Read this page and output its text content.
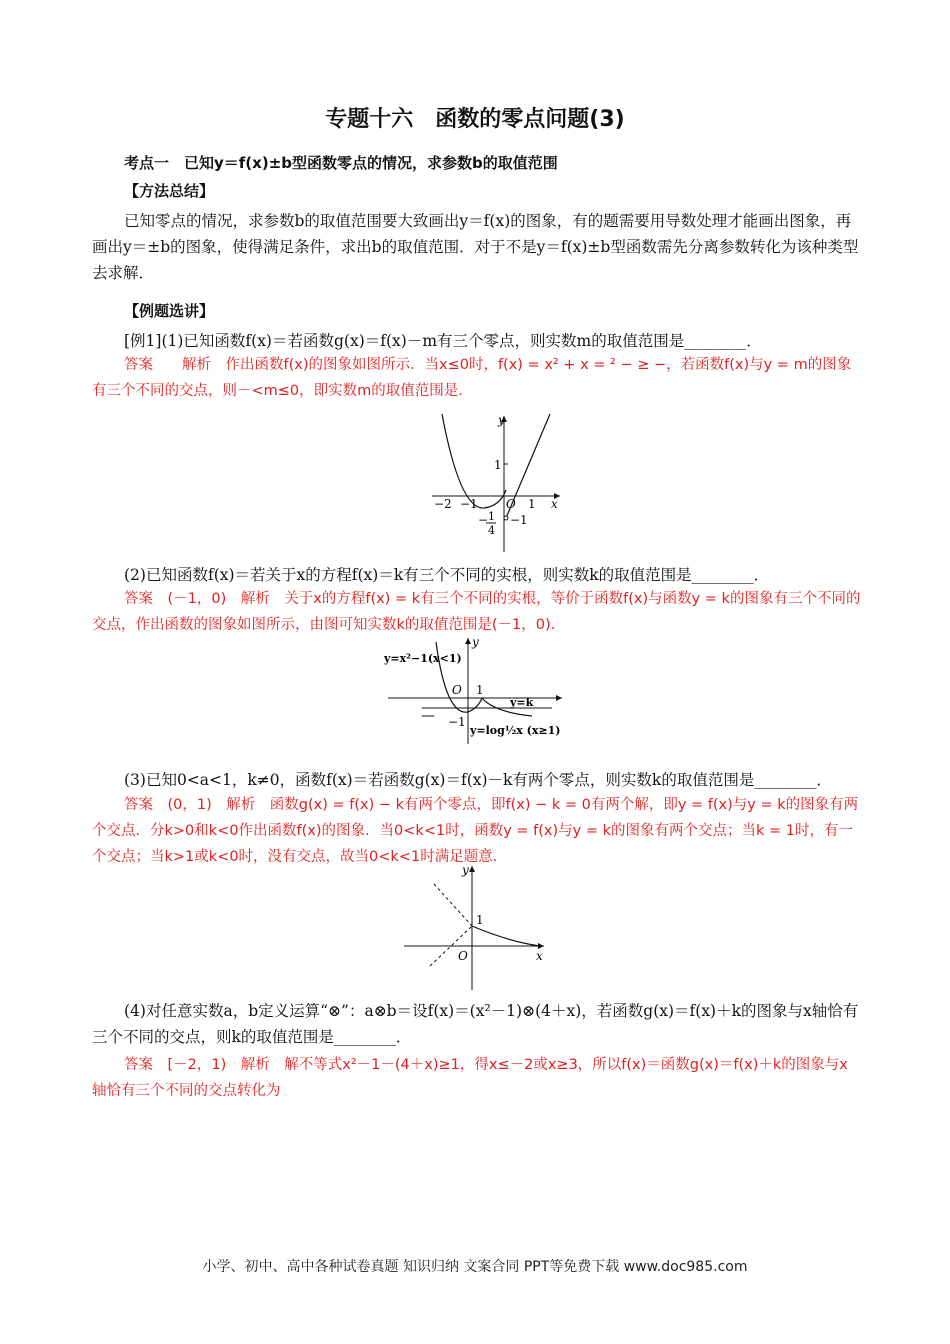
专题十六　函数的零点问题(3)
考点一　已知y＝f(x)±b型函数零点的情况，求参数b的取值范围
【方法总结】
已知零点的情况，求参数b的取值范围要大致画出y＝f(x)的图象，有的题需要用导数处理才能画出图象，再画出y＝±b的图象，使得满足条件，求出b的取值范围．对于不是y＝f(x)±b型函数需先分离参数转化为该种类型去求解．
【例题选讲】
[例1](1)已知函数f(x)＝若函数g(x)＝f(x)－m有三个零点，则实数m的取值范围是________．
答案　　解析　作出函数f(x)的图象如图所示．当x≤0时，f(x) = x² + x = ² − ≥ −，若函数f(x)与y = m的图象有三个不同的交点，则－<m≤0，即实数m的取值范围是．
y
x
O
1
1
−2 −1
−1
− 1
4
(2)已知函数f(x)＝若关于x的方程f(x)＝k有三个不同的实根，则实数k的取值范围是________．
答案　(－1，0)　解析　关于x的方程f(x) = k有三个不同的实根，等价于函数f(x)与函数y = k的图象有三个不同的交点，作出函数的图象如图所示，由图可知实数k的取值范围是(－1，0)．
y=x²−1(x<1)
y
O 1
y=k
−1
y=log½x (x≥1)
(3)已知0<a<1，k≠0，函数f(x)＝若函数g(x)＝f(x)－k有两个零点，则实数k的取值范围是________．
答案　(0，1)　解析　函数g(x) = f(x) − k有两个零点，即f(x) − k = 0有两个解，即y = f(x)与y = k的图象有两个交点．分k>0和k<0作出函数f(x)的图象．当0<k<1时，函数y = f(x)与y = k的图象有两个交点；当k = 1时，有一个交点；当k>1或k<0时，没有交点，故当0<k<1时满足题意．
y
1
O	x
(4)对任意实数a，b定义运算“⊗”：a⊗b＝设f(x)＝(x²－1)⊗(4＋x)，若函数g(x)＝f(x)＋k的图象与x轴恰有三个不同的交点，则k的取值范围是________．
答案　[－2，1)　解析　解不等式x²－1－(4＋x)≥1，得x≤－2或x≥3，所以f(x)＝函数g(x)＝f(x)＋k的图象与x轴恰有三个不同的交点转化为
小学、初中、高中各种试卷真题 知识归纳 文案合同 PPT等免费下载 www.doc985.com
